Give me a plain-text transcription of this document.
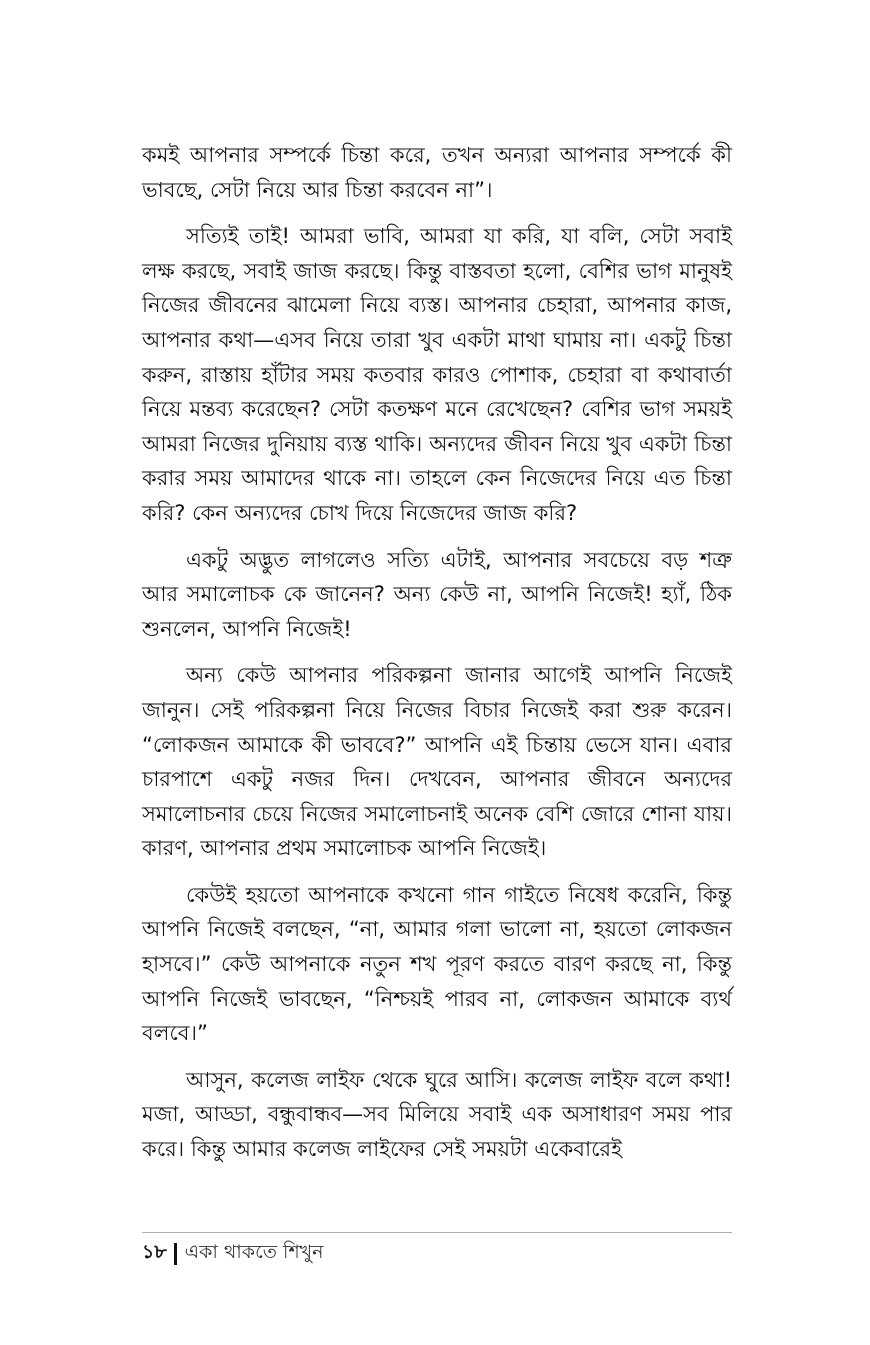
কমই আপনার সম্পর্কে চিন্তা করে, তখন অন্যরা আপনার সম্পর্কে কী ভাবছে, সেটা নিয়ে আর চিন্তা করবেন না”।

সত্যিই তাই! আমরা ভাবি, আমরা যা করি, যা বলি, সেটা সবাই লক্ষ করছে, সবাই জাজ করছে। কিন্তু বাস্তবতা হলো, বেশির ভাগ মানুষই নিজের জীবনের ঝামেলা নিয়ে ব্যস্ত। আপনার চেহারা, আপনার কাজ, আপনার কথা—এসব নিয়ে তারা খুব একটা মাথা ঘামায় না। একটু চিন্তা করুন, রাস্তায় হাঁটার সময় কতবার কারও পোশাক, চেহারা বা কথাবার্তা নিয়ে মন্তব্য করেছেন? সেটা কতক্ষণ মনে রেখেছেন? বেশির ভাগ সময়ই আমরা নিজের দুনিয়ায় ব্যস্ত থাকি। অন্যদের জীবন নিয়ে খুব একটা চিন্তা করার সময় আমাদের থাকে না। তাহলে কেন নিজেদের নিয়ে এত চিন্তা করি? কেন অন্যদের চোখ দিয়ে নিজেদের জাজ করি?

একটু অদ্ভুত লাগলেও সত্যি এটাই, আপনার সবচেয়ে বড় শত্রু আর সমালোচক কে জানেন? অন্য কেউ না, আপনি নিজেই! হ্যাঁ, ঠিক শুনলেন, আপনি নিজেই!

অন্য কেউ আপনার পরিকল্পনা জানার আগেই আপনি নিজেই জানুন। সেই পরিকল্পনা নিয়ে নিজের বিচার নিজেই করা শুরু করেন। “লোকজন আমাকে কী ভাববে?” আপনি এই চিন্তায় ভেসে যান। এবার চারপাশে একটু নজর দিন। দেখবেন, আপনার জীবনে অন্যদের সমালোচনার চেয়ে নিজের সমালোচনাই অনেক বেশি জোরে শোনা যায়। কারণ, আপনার প্রথম সমালোচক আপনি নিজেই।

কেউই হয়তো আপনাকে কখনো গান গাইতে নিষেধ করেনি, কিন্তু আপনি নিজেই বলছেন, “না, আমার গলা ভালো না, হয়তো লোকজন হাসবে।” কেউ আপনাকে নতুন শখ পূরণ করতে বারণ করছে না, কিন্তু আপনি নিজেই ভাবছেন, “নিশ্চয়ই পারব না, লোকজন আমাকে ব্যর্থ বলবে।”

আসুন, কলেজ লাইফ থেকে ঘুরে আসি। কলেজ লাইফ বলে কথা! মজা, আড্ডা, বন্ধুবান্ধব—সব মিলিয়ে সবাই এক অসাধারণ সময় পার করে। কিন্তু আমার কলেজ লাইফের সেই সময়টা একেবারেই

১৮ একা থাকতে শিখুন
